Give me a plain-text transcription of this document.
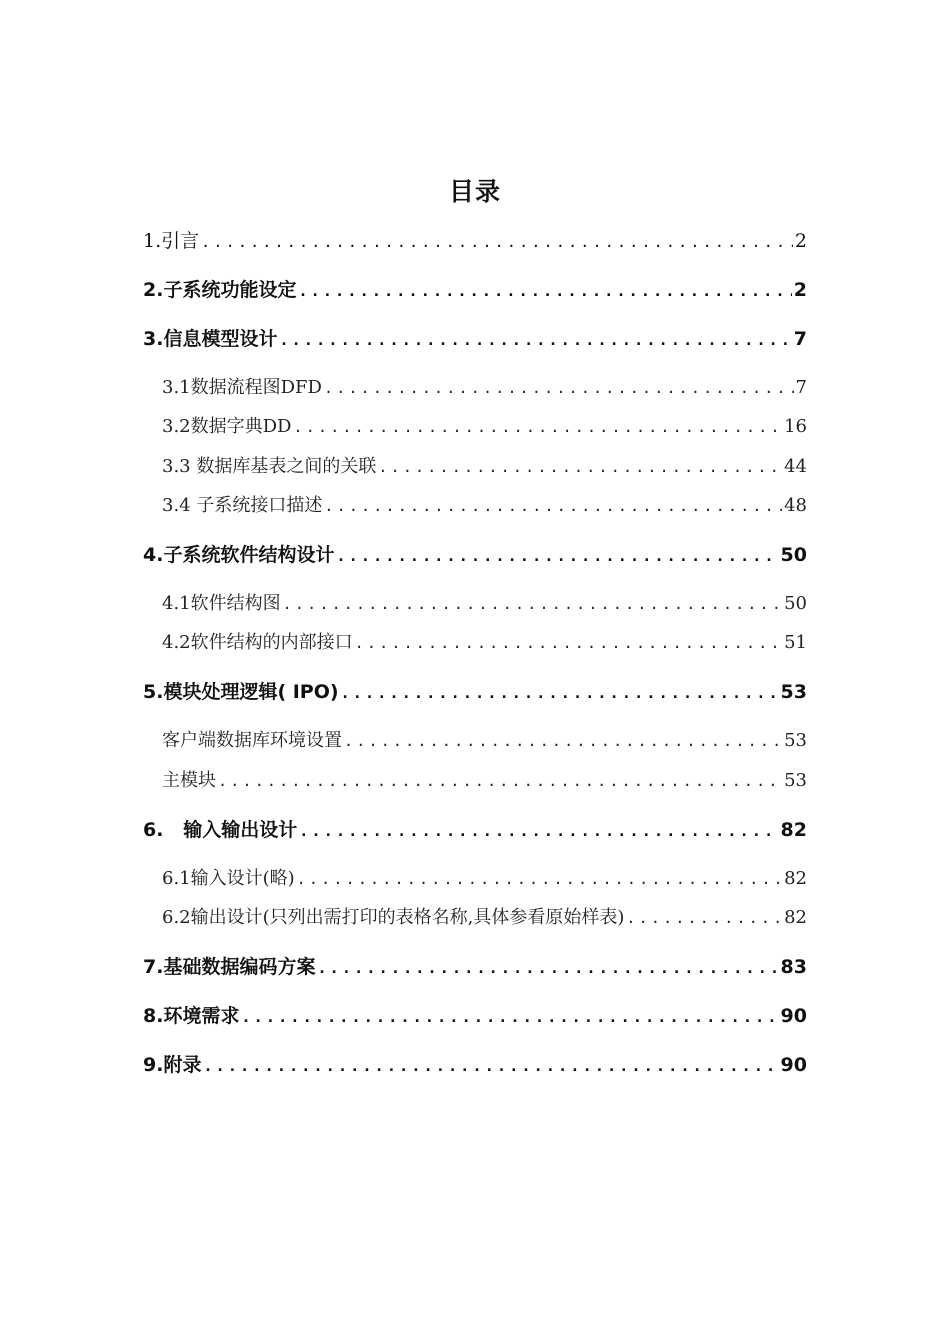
目录
1.引言 .....	2
2.子系统功能设定 .....	2
3.信息模型设计 .....	7
3.1数据流程图DFD .....	7
3.2数据字典DD .....	16
3.3 数据库基表之间的关联 .....	44
3.4 子系统接口描述 .....	48
4.子系统软件结构设计 .....	50
4.1软件结构图 .....	50
4.2软件结构的内部接口 .....	51
5.模块处理逻辑( IPO) .....	53
客户端数据库环境设置 .....	53
主模块 .....	53
6.   输入输出设计 .....	82
6.1输入设计(略) .....	82
6.2输出设计(只列出需打印的表格名称,具体参看原始样表) .....	82
7.基础数据编码方案 .....	83
8.环境需求 .....	90
9.附录 .....	90
